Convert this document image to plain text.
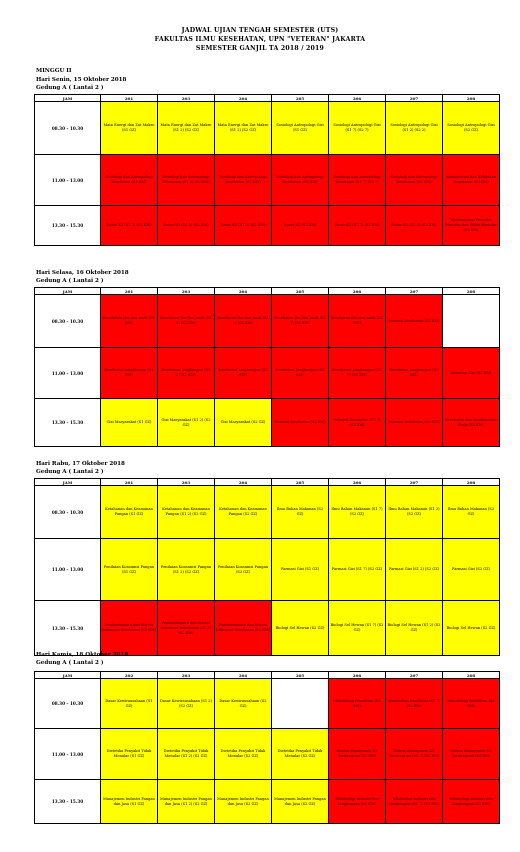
JADWAL UJIAN TENGAH SEMESTER (UTS)
FAKULTAS ILMU KESEHATAN, UPN "VETERAN" JAKARTA
SEMESTER GANJIL TA 2018 / 2019
MINGGU II
Hari Senin, 15 Oktober 2018
Gedung A ( Lantai 2 )
JAM	201	203	204	205	206	207	208
08.30 – 10.30	Mata Energi dan Zat Makro (S1 GZ)	Mata Energi dan Zat Makro (S1 2) (S2 GZ)	Mata Energi dan Zat Makro (S1 2) (S2 GZ)	Sosiologi Antropologi Gizi (S1 GZ)	Sosiologi Antropologi Gizi (S1 7) (S2 7)	Sosiologi Antropologi Gizi (S1 2) (S2 2)	Sosiologi Antropologi Gizi (S2 GZ)
11.00 – 13.00	Sosiologi dan Antropologi Kesehatan (S1 KM)	Sosiologi dan Antropologi Kesehatan (S1 2) (S2 KM)	Sosiologi dan Antropologi Kesehatan (S2 KM)	Sosiologi dan Antropologi Kesehatan (S2 KM)	Sosiologi dan Antropologi Kesehatan (S1 7) (S2 7)	Sosiologi dan Antropologi Kesehatan (S2 KM)	Administrasi dan Kebijakan Kesehatan (S2 KM)
13.30 – 15.30	Dasar K3 (S1 2) (S2 KM)	Dasar K3 (S1 2) (S2 KM)	Dasar K3 (S1 2) (S2 KM)	Dasar K3 (S2 KM)	Dasar K3 (S1 7) (S2 KM)	Dasar K3 (S1 2) (S2 KM)	Epidemiologi Penyakit Menular dan Tidak Menular (S2 KM)
Hari Selasa, 16 Oktober 2018
Gedung A ( Lantai 2 )
JAM	201	203	204	205	206	207	208
08.30 – 10.30	Kesehatan Ibu dan Anak (S1 KM)	Kesehatan Ibu dan Anak (S1 2) (S2 KM)	Kesehatan Ibu dan Anak (S1 2) (S2 KM)	Kesehatan Ibu dan Anak (S1 7) (S2 KM)	Kesehatan Ibu dan Anak (S2 KM)	Promosi Kesehatan (S2 KM)	
11.00 – 13.00	Kesehatan Lingkungan (S1 KM)	Kesehatan Lingkungan (S1 2) (S2 KM)	Kesehatan Lingkungan (S2 KM)	Kesehatan Lingkungan (S2 KM)	Kesehatan Lingkungan (S1 7) (S2 KM)	Kesehatan Lingkungan (S2 KM)	Sosiologi Gizi (S2 KM)
13.30 – 15.30	Gizi Masyarakat (S1 GZ)	Gizi Masyarakat (S1 2) (S2 GZ)	Gizi Masyarakat (S2 GZ)	Promosi Kesehatan (S2 KM)	Promosi Kesehatan (S1 7) (S2 KM)	Promosi Kesehatan (S2 KM)	Kesehatan dan Keselamatan Kerja (S2 KM)
Hari Rabu, 17 Oktober 2018
Gedung A ( Lantai 2 )
JAM	201	203	204	205	206	207	208
08.30 – 10.30	Ketahanan dan Keamanan Pangan (S1 GZ)	Ketahanan dan Keamanan Pangan (S1 2) (S2 GZ)	Ketahanan dan Keamanan Pangan (S2 GZ)	Ilmu Bahan Makanan (S2 GZ)	Ilmu Bahan Makanan (S1 7) (S2 GZ)	Ilmu Bahan Makanan (S1 2) (S2 GZ)	Ilmu Bahan Makanan (S2 GZ)
11.00 – 13.00	Penilaian Konsumsi Pangan (S1 GZ)	Penilaian Konsumsi Pangan (S1 2) (S2 GZ)	Penilaian Konsumsi Pangan (S2 GZ)	Farmasi Gizi (S1 GZ)	Farmasi Gizi (S1 7) (S2 GZ)	Farmasi Gizi (S1 2) (S2 GZ)	Farmasi Gizi (S2 GZ)
13.30 – 15.30	Pemberdayaan dan Sistem Informasi Kesehatan (S2 KM)	Pemberdayaan dan Sistem Informasi Kesehatan (S1 2) (S2 KM)	Pemberdayaan dan Sistem Informasi Kesehatan (S2 KM)	Biologi Sel Hewan (S2 GZ)	Biologi Sel Hewan (S1 7) (S2 GZ)	Biologi Sel Hewan (S1 2) (S2 GZ)	Biologi Sel Hewan (S2 GZ)
Hari Kamis, 18 Oktober 2018
Gedung A ( Lantai 2 )
JAM	202	203	204	205	206	207	208
08.30 – 10.30	Dasar Kewirausahaan (S1 GZ)	Dasar Kewirausahaan (S1 2) (S2 GZ)	Dasar Kewirausahaan (S2 GZ)		Metodologi Penelitian (S2 KM)	Metodologi Penelitian (S1 7) (S2 KM)	Metodologi Penelitian (S2 KM)
11.00 – 13.00	Dietetika Penyakit Tidak Menular (S1 GZ)	Dietetika Penyakit Tidak Menular (S1 2) (S2 GZ)	Dietetika Penyakit Tidak Menular (S2 GZ)	Dietetika Penyakit Tidak Menular (S2 GZ)	Sistem Manajemen K3 Terintegrasi (S2 KM)	Sistem Manajemen K3 Terintegrasi (S1 7) (S2 KM)	Sistem Manajemen K3 Terintegrasi (S2 KM)
13.30 – 15.30	Manajemen Industri Pangan dan Jasa (S1 GZ)	Manajemen Industri Pangan dan Jasa (S1 2) (S2 GZ)	Manajemen Industri Pangan dan Jasa (S2 GZ)	Manajemen Industri Pangan dan Jasa (S2 GZ)	Toksikologi Industri dan Lingkungan (S2 KM)	Toksikologi Industri dan Lingkungan (S1 7) (S2 KM)	Toksikologi Industri dan Lingkungan (S2 KM)
